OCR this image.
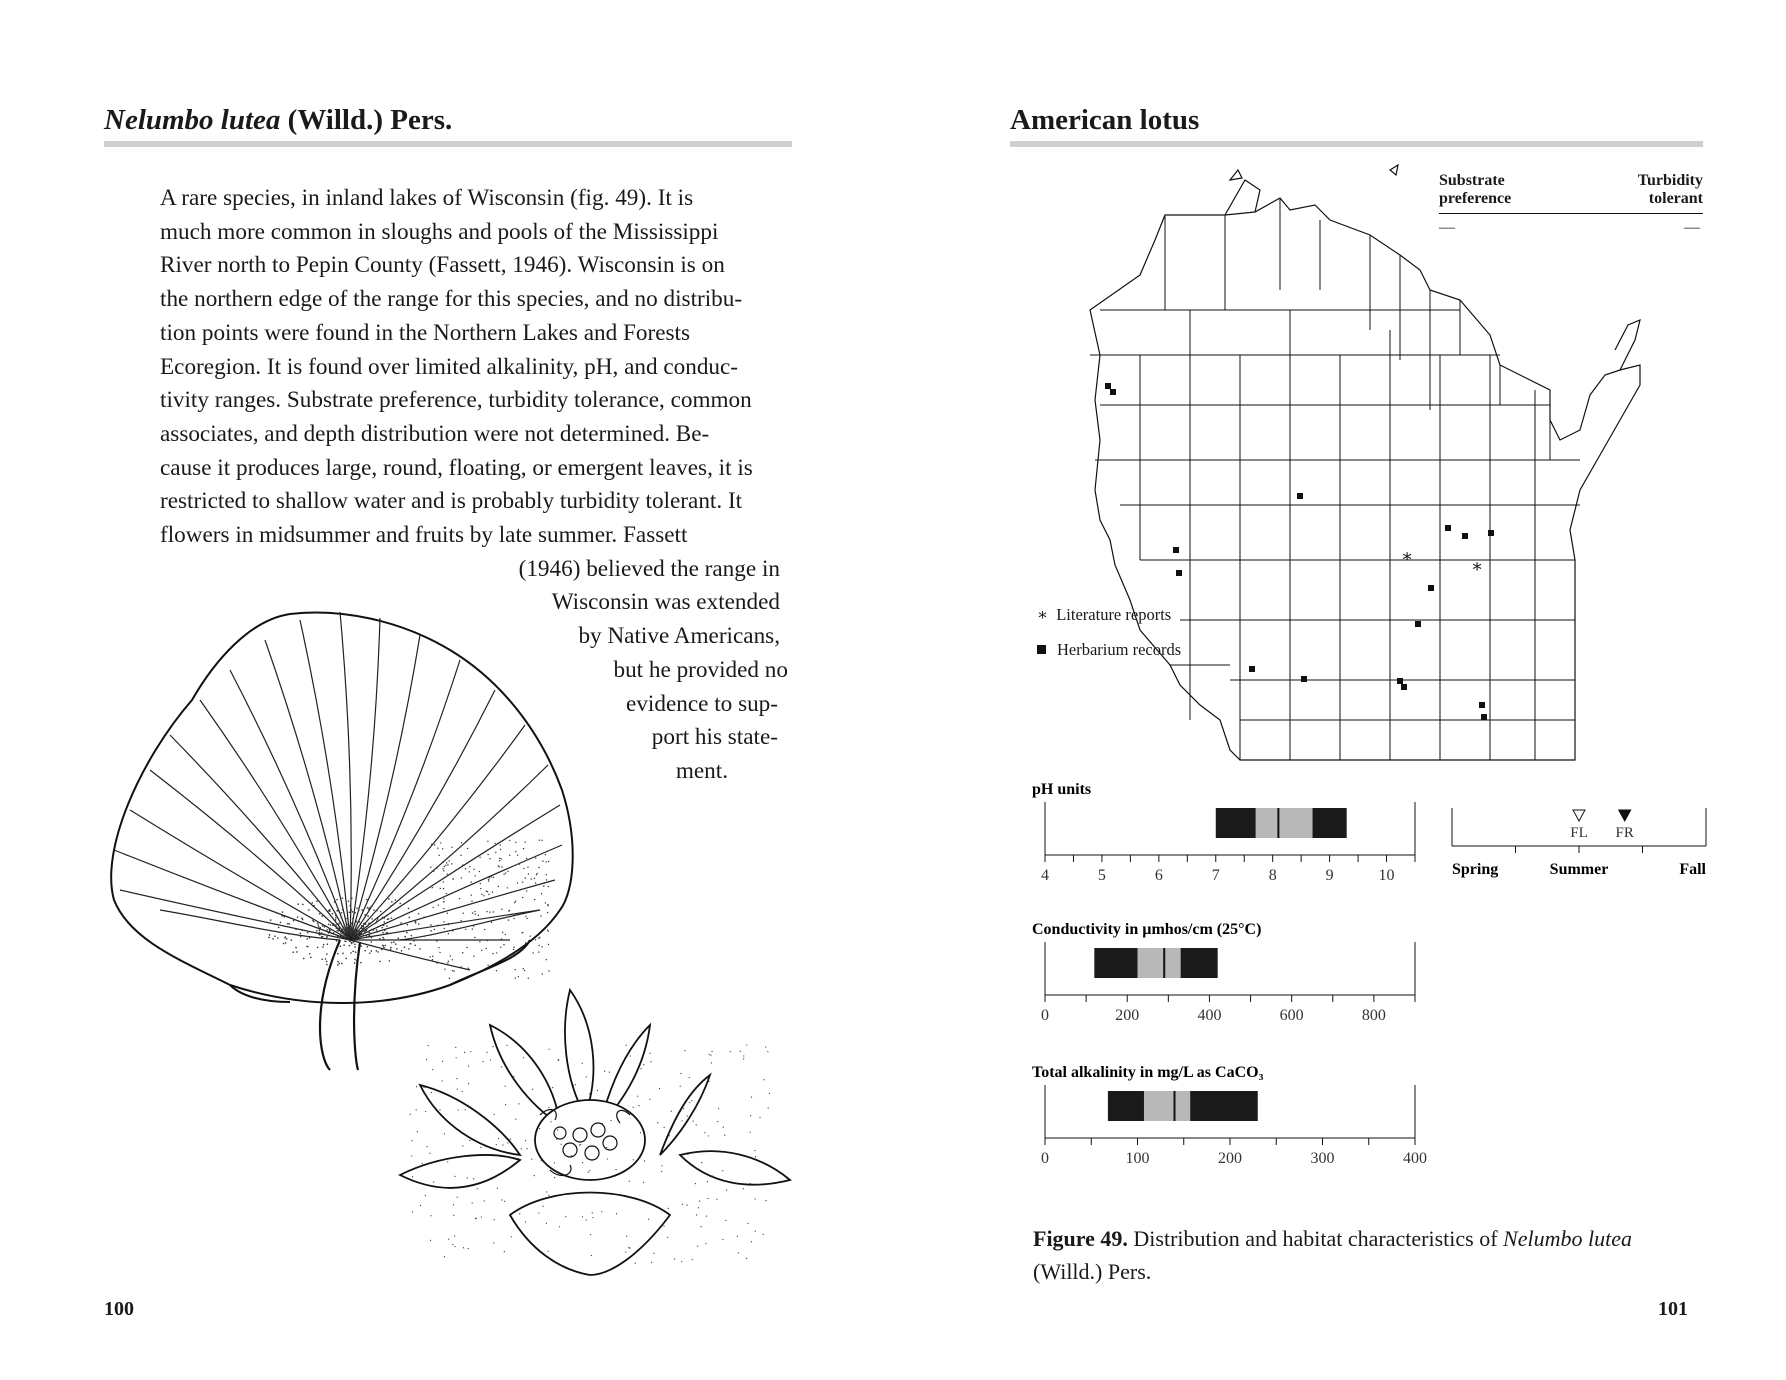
Nelumbo lutea (Willd.) Pers.
A rare species, in inland lakes of Wisconsin (fig. 49). It is
much more common in sloughs and pools of the Mississippi
River north to Pepin County (Fassett, 1946). Wisconsin is on
the northern edge of the range for this species, and no distribu-
tion points were found in the Northern Lakes and Forests
Ecoregion. It is found over limited alkalinity, pH, and conduc-
tivity ranges. Substrate preference, turbidity tolerance, common
associates, and depth distribution were not determined. Be-
cause it produces large, round, floating, or emergent leaves, it is
restricted to shallow water and is probably turbidity tolerant. It
flowers in midsummer and fruits by late summer. Fassett
(1946) believed the range in
Wisconsin was extended
by Native Americans,
but he provided no
evidence to sup-
port his state-
ment.
100
American lotus
Substrate
preference
Turbidity
tolerant
—	—
∗	∗
∗ Literature reports
Herbarium records
pH units
4	5	6	7	8	9	10
Conductivity in µmhos/cm (25°C)
0	200	400	600	800
Total alkalinity in mg/L as CaCO₃
0	100	200	300	400
Spring	Summer	Fall
FL FR
Figure 49. Distribution and habitat characteristics of Nelumbo lutea
(Willd.) Pers.
101
